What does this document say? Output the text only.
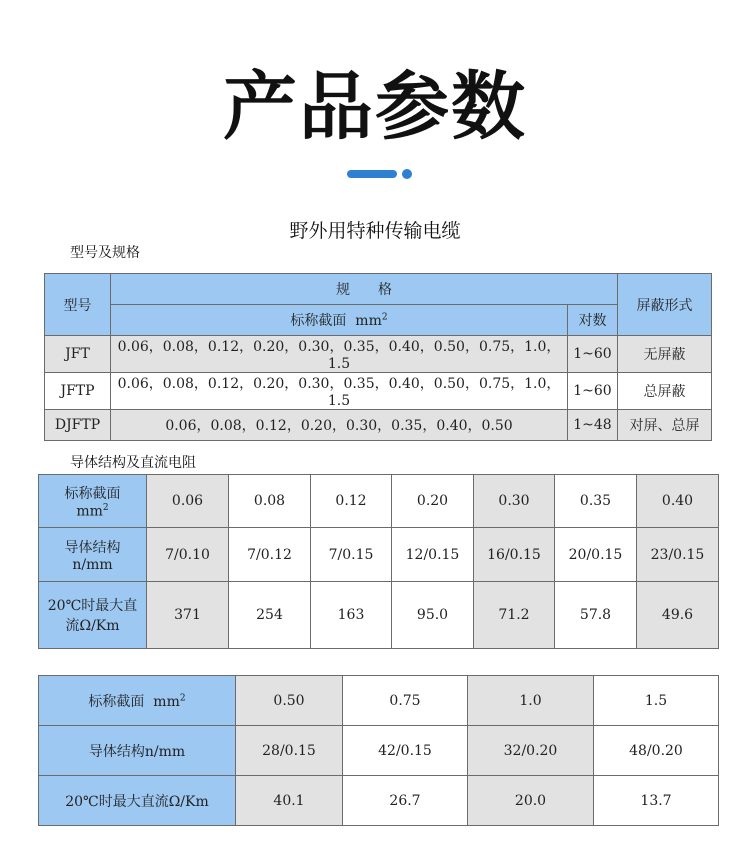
产品参数
野外用特种传输电缆
型号及规格
型号	规　　格		屏蔽形式
	标称截面 $mm^2$	对数	
JFT	0.06，0.08，0.12，0.20，0.30，0.35，0.40，0.50，0.75，1.0，1.5	1~60	无屏蔽
JFTP	0.06，0.08，0.12，0.20，0.30，0.35，0.40，0.50，0.75，1.0，1.5	1~60	总屏蔽
DJFTP	0.06，0.08，0.12，0.20，0.30，0.35，0.40，0.50	1~48	对屏、总屏
导体结构及直流电阻
标称截面
$mm^2$	0.06	0.08	0.12	0.20	0.30	0.35	0.40
导体结构
n/mm	7/0.10	7/0.12	7/0.15	12/0.15	16/0.15	20/0.15	23/0.15
20℃时最大直
流Ω/Km	371	254	163	95.0	71.2	57.8	49.6
标称截面 $mm^2$	0.50	0.75	1.0	1.5
导体结构n/mm	28/0.15	42/0.15	32/0.20	48/0.20
20℃时最大直流Ω/Km	40.1	26.7	20.0	13.7
